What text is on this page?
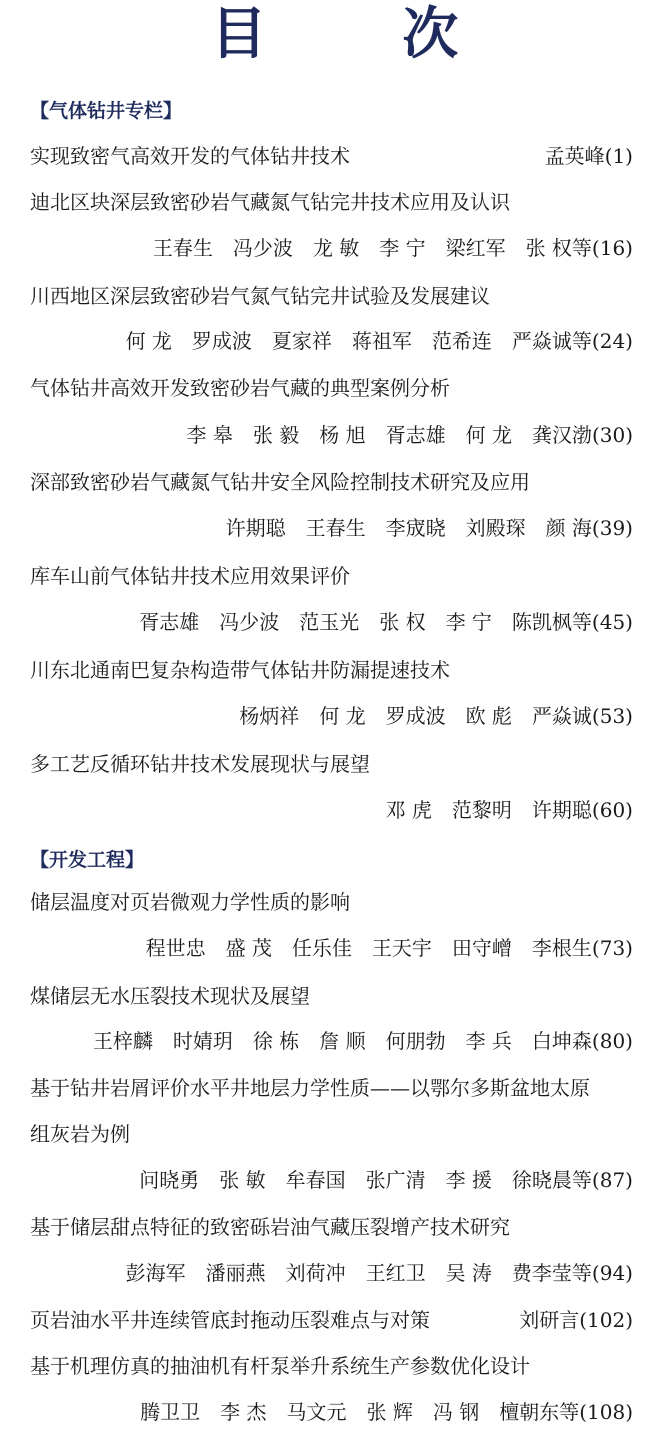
目 次
【气体钻井专栏】
实现致密气高效开发的气体钻井技术	孟英峰(1)
迪北区块深层致密砂岩气藏氮气钻完井技术应用及认识
王春生　冯少波　龙 敏　李 宁　梁红军　张 权等(16)
川西地区深层致密砂岩气氮气钻完井试验及发展建议
何 龙　罗成波　夏家祥　蒋祖军　范希连　严焱诚等(24)
气体钻井高效开发致密砂岩气藏的典型案例分析
李 皋　张 毅　杨 旭　胥志雄　何 龙　龚汉渤(30)
深部致密砂岩气藏氮气钻井安全风险控制技术研究及应用
许期聪　王春生　李宬晓　刘殿琛　颜 海(39)
库车山前气体钻井技术应用效果评价
胥志雄　冯少波　范玉光　张 权　李 宁　陈凯枫等(45)
川东北通南巴复杂构造带气体钻井防漏提速技术
杨炳祥　何 龙　罗成波　欧 彪　严焱诚(53)
多工艺反循环钻井技术发展现状与展望
邓 虎　范黎明　许期聪(60)
【开发工程】
储层温度对页岩微观力学性质的影响
程世忠　盛 茂　任乐佳　王天宇　田守嶒　李根生(73)
煤储层无水压裂技术现状及展望
王梓麟　时婧玥　徐 栋　詹 顺　何朋勃　李 兵　白坤森(80)
基于钻井岩屑评价水平井地层力学性质——以鄂尔多斯盆地太原
组灰岩为例
问晓勇　张 敏　牟春国　张广清　李 援　徐晓晨等(87)
基于储层甜点特征的致密砾岩油气藏压裂增产技术研究
彭海军　潘丽燕　刘荷冲　王红卫　吴 涛　费李莹等(94)
页岩油水平井连续管底封拖动压裂难点与对策	刘研言(102)
基于机理仿真的抽油机有杆泵举升系统生产参数优化设计
腾卫卫　李 杰　马文元　张 辉　冯 钢　檀朝东等(108)
